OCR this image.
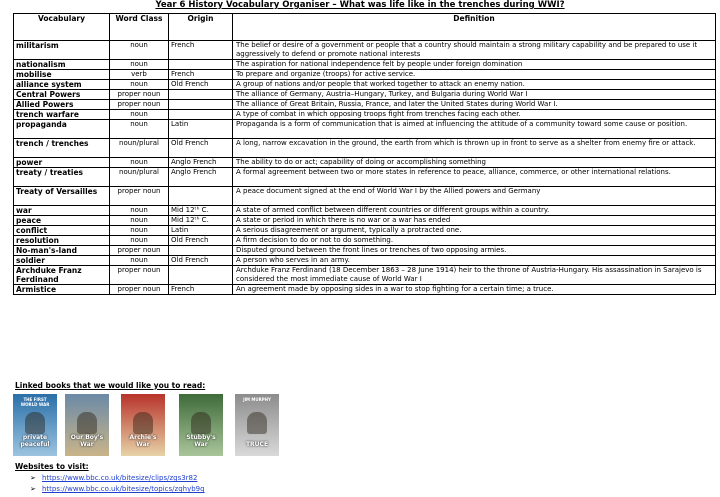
Year 6 History Vocabulary Organiser – What was life like in the trenches during WWI?
Vocabulary	Word Class	Origin	Definition
militarism	noun	French	The belief or desire of a government or people that a country should maintain a strong military capability and be prepared to use it aggressively to defend or promote national interests
nationalism	noun		The aspiration for national independence felt by people under foreign domination
mobilise	verb	French	To prepare and organize (troops) for active service.
alliance system	noun	Old French	A group of nations and/or people that worked together to attack an enemy nation.
Central Powers	proper noun		The alliance of Germany, Austria–Hungary, Turkey, and Bulgaria during World War I
Allied Powers	proper noun		The alliance of Great Britain, Russia, France, and later the United States during World War I.
trench warfare	noun		A type of combat in which opposing troops fight from trenches facing each other.
propaganda	noun	Latin	Propaganda is a form of communication that is aimed at influencing the attitude of a community toward some cause or position.
trench / trenches	noun/plural	Old French	A long, narrow excavation in the ground, the earth from which is thrown up in front to serve as a shelter from enemy fire or attack.
power	noun	Anglo French	The ability to do or act; capability of doing or accomplishing something
treaty / treaties	noun/plural	Anglo French	A formal agreement between two or more states in reference to peace, alliance, commerce, or other international relations.
Treaty of Versailles	proper noun		A peace document signed at the end of World War I by the Allied powers and Germany
war	noun	Mid 12ᵗʰ C.	A state of armed conflict between different countries or different groups within a country.
peace	noun	Mid 12ᵗʰ C.	A state or period in which there is no war or a war has ended
conflict	noun	Latin	A serious disagreement or argument, typically a protracted one.
resolution	noun	Old French	A firm decision to do or not to do something.
No-man's-land	proper noun		Disputed ground between the front lines or trenches of two opposing armies.
soldier	noun	Old French	A person who serves in an army.
Archduke Franz Ferdinand	proper noun		Archduke Franz Ferdinand (18 December 1863 – 28 June 1914) heir to the throne of Austria-Hungary. His assassination in Sarajevo is considered the most immediate cause of World War I
Armistice	proper noun	French	An agreement made by opposing sides in a war to stop fighting for a certain time; a truce.
Linked books that we would like you to read:
THE FIRST WORLD WAR
private peaceful
Our Boy's War
Archie's War
Stubby's War
JIM MURPHY
TRUCE
Websites to visit:
➢ https://www.bbc.co.uk/bitesize/clips/zgs3r82
➢ https://www.bbc.co.uk/bitesize/topics/zqhyb9q
